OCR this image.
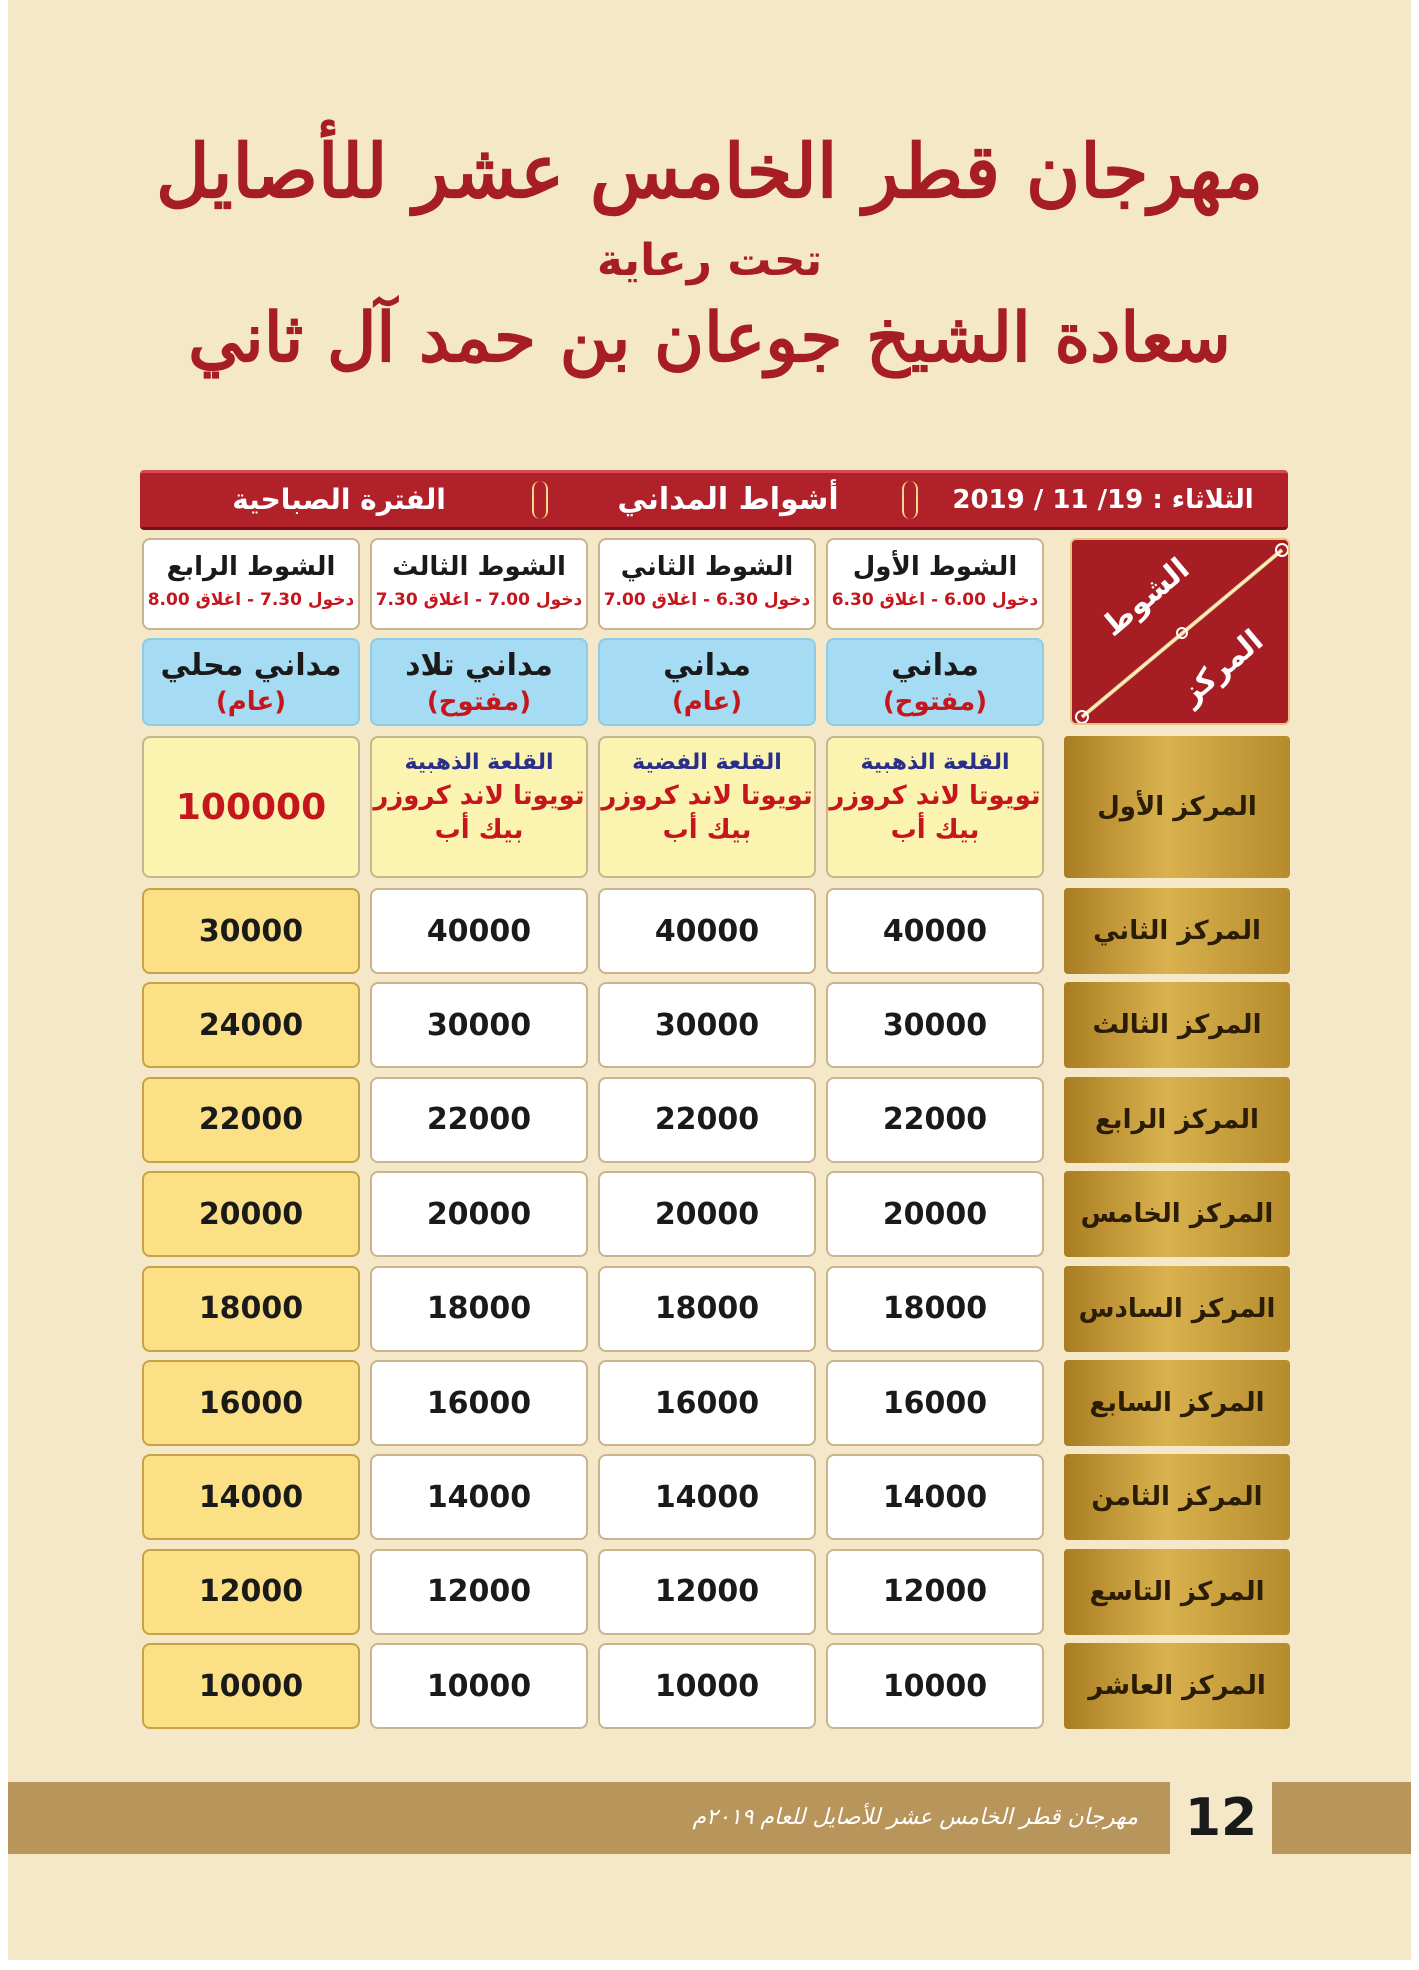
مهرجان قطر الخامس عشر للأصايل
تحت رعاية
سعادة الشيخ جوعان بن حمد آل ثاني
الثلاثاء : 19/ 11 / 2019
أشواط المداني
الفترة الصباحية
الشوط
المركز
الشوط الأول
دخول 6.00 - اغلاق 6.30
مداني
(مفتوح)
القلعة الذهبية
تويوتا لاند كروزر
بيك أب
الشوط الثاني
دخول 6.30 - اغلاق 7.00
مداني
(عام)
القلعة الفضية
تويوتا لاند كروزر
بيك أب
الشوط الثالث
دخول 7.00 - اغلاق 7.30
مداني تلاد
(مفتوح)
القلعة الذهبية
تويوتا لاند كروزر
بيك أب
الشوط الرابع
دخول 7.30 - اغلاق 8.00
مداني محلي
(عام)
100000	المركز الأول
المركز الثاني
المركز الثالث
المركز الرابع
المركز الخامس
المركز السادس
المركز السابع
المركز الثامن
المركز التاسع
المركز العاشر
40000
40000
40000
30000
30000
30000
30000
24000
22000
22000
22000
22000
20000
20000
20000
20000
18000
18000
18000
18000
16000
16000
16000
16000
14000
14000
14000
14000
12000
12000
12000
12000
10000
10000
10000
10000
مهرجان قطر الخامس عشر للأصايل للعام ٢٠١٩م 12
